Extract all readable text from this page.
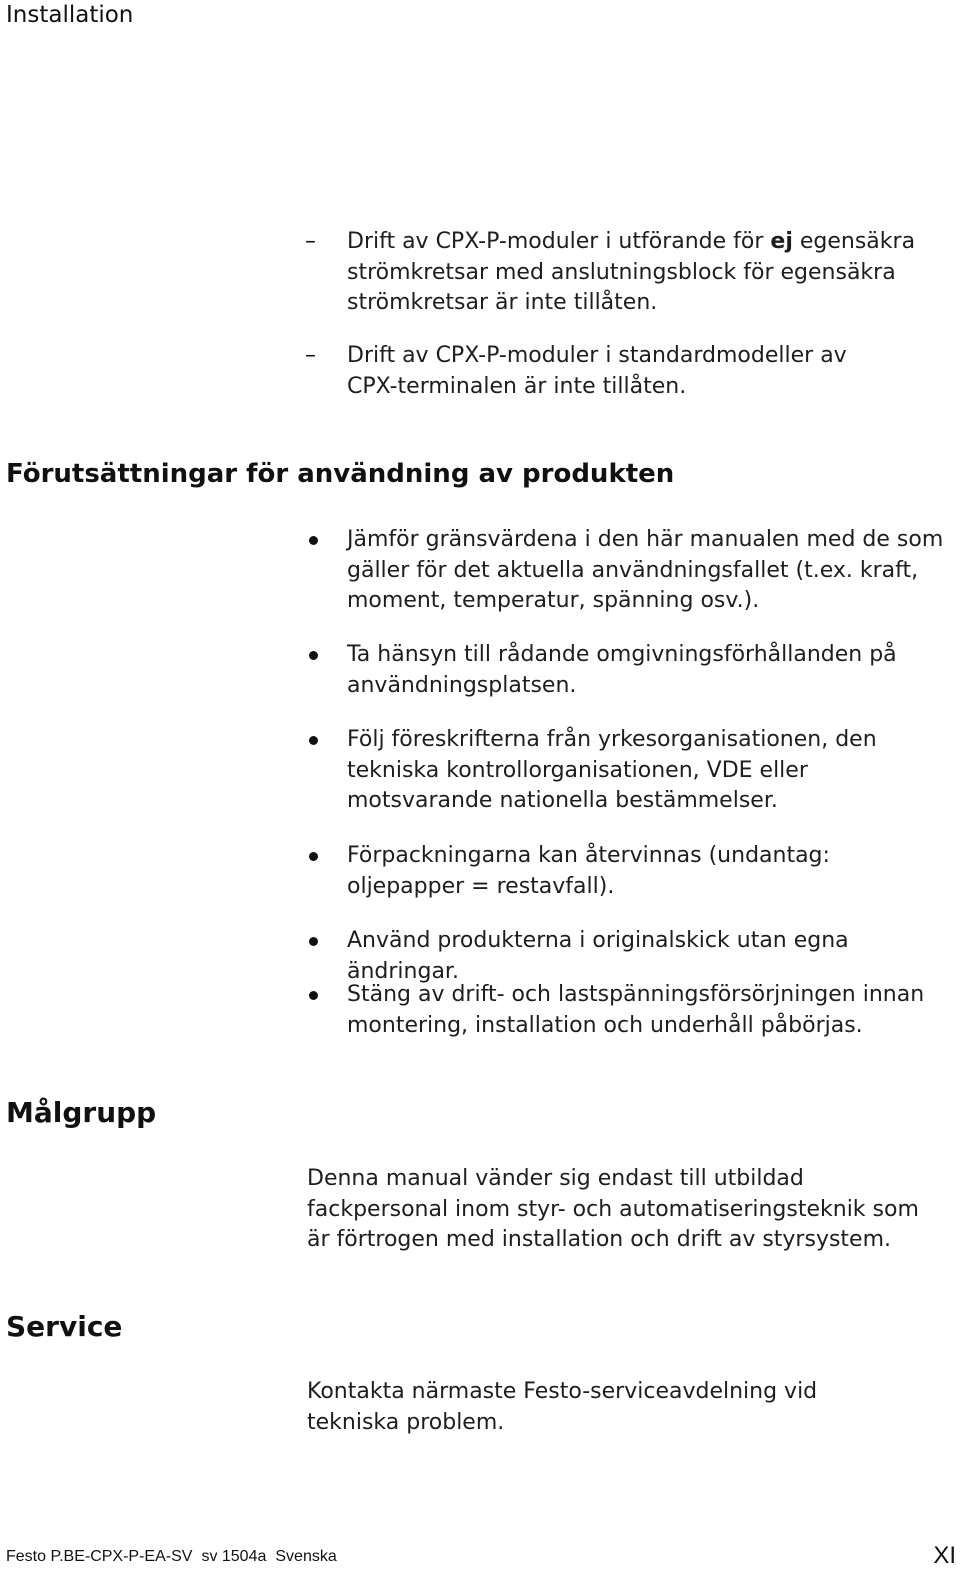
Installation
– Drift av CPX-P-moduler i utförande för ej egensäkra strömkretsar med anslutningsblock för egensäkra strömkretsar är inte tillåten.
– Drift av CPX-P-moduler i standardmodeller av CPX-terminalen är inte tillåten.
Förutsättningar för användning av produkten
Jämför gränsvärdena i den här manualen med de som gäller för det aktuella användningsfallet (t.ex. kraft, moment, temperatur, spänning osv.).
Ta hänsyn till rådande omgivningsförhållanden på användningsplatsen.
Följ föreskrifterna från yrkesorganisationen, den tekniska kontrollorganisationen, VDE eller motsvarande nationella bestämmelser.
Förpackningarna kan återvinnas (undantag: oljepapper = restavfall).
Använd produkterna i originalskick utan egna ändringar.
Stäng av drift- och lastspänningsförsörjningen innan montering, installation och underhåll påbörjas.
Målgrupp
Denna manual vänder sig endast till utbildad fackpersonal inom styr- och automatiseringsteknik som är förtrogen med installation och drift av styrsystem.
Service
Kontakta närmaste Festo-serviceavdelning vid tekniska problem.
Festo P.BE-CPX-P-EA-SV sv 1504a Svenska	XI
